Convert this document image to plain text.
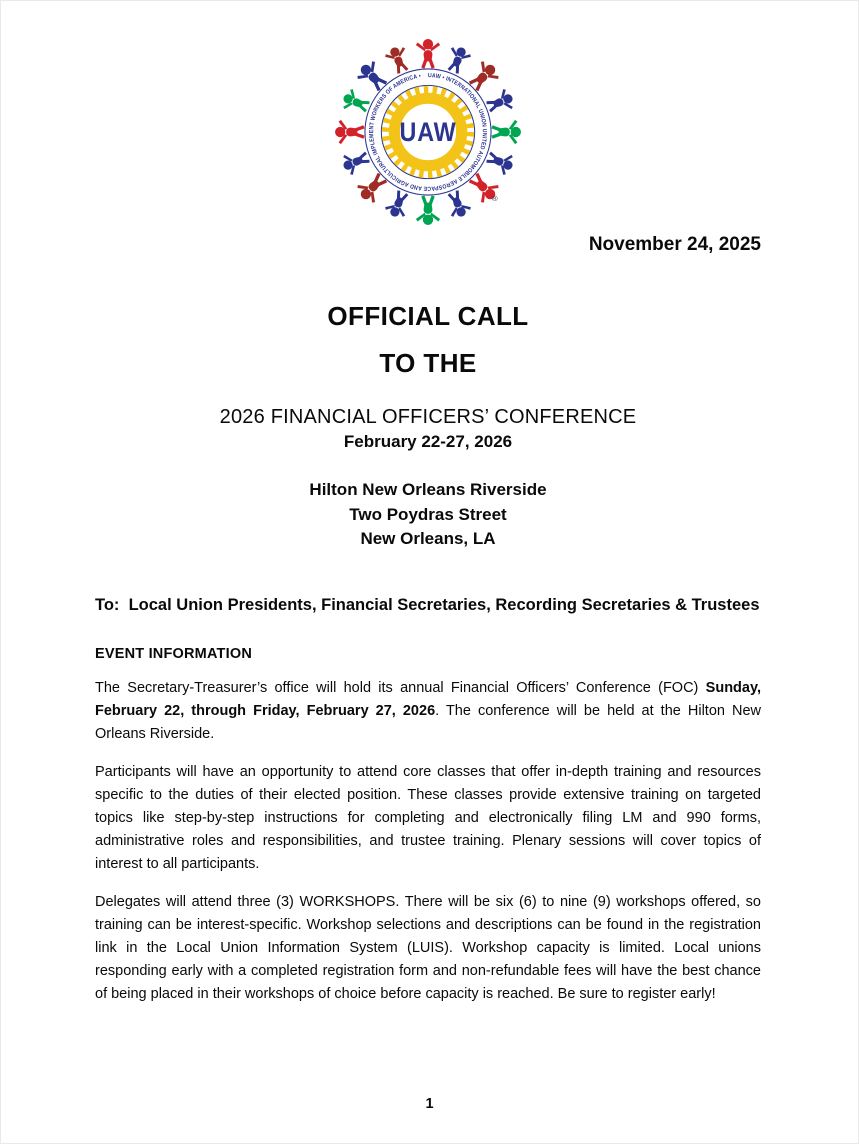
UAW • INTERNATIONAL UNION UNITED AUTOMOBILE AEROSPACE AND AGRICULTURAL IMPLEMENT WORKERS OF AMERICA •
UAW
®
November 24, 2025
OFFICIAL CALL
TO THE
2026 FINANCIAL OFFICERS’ CONFERENCE
February 22-27, 2026
Hilton New Orleans Riverside
Two Poydras Street
New Orleans, LA
To:  Local Union Presidents, Financial Secretaries, Recording Secretaries & Trustees
EVENT INFORMATION

The Secretary-Treasurer’s office will hold its annual Financial Officers’ Conference (FOC) Sunday, February 22, through Friday, February 27, 2026. The conference will be held at the Hilton New Orleans Riverside.

Participants will have an opportunity to attend core classes that offer in-depth training and resources specific to the duties of their elected position. These classes provide extensive training on targeted topics like step-by-step instructions for completing and electronically filing LM and 990 forms, administrative roles and responsibilities, and trustee training. Plenary sessions will cover topics of interest to all participants.

Delegates will attend three (3) WORKSHOPS. There will be six (6) to nine (9) workshops offered, so training can be interest-specific. Workshop selections and descriptions can be found in the registration link in the Local Union Information System (LUIS). Workshop capacity is limited. Local unions responding early with a completed registration form and non-refundable fees will have the best chance of being placed in their workshops of choice before capacity is reached. Be sure to register early!

1
